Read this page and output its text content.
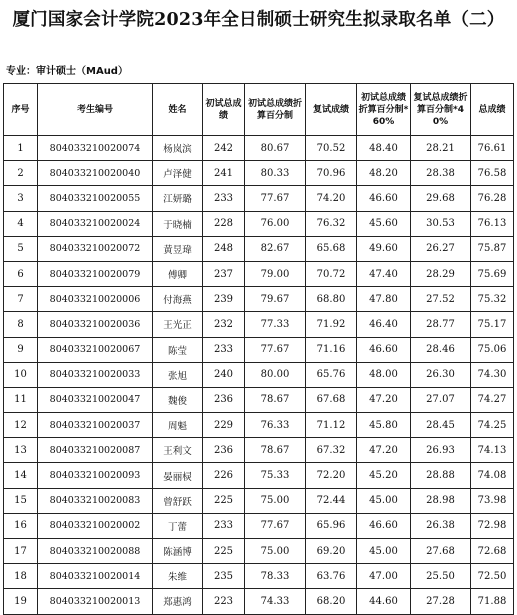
厦门国家会计学院2023年全日制硕士研究生拟录取名单（二）
专业：审计硕士（MAud）
序号	考生编号	姓名	初试总成绩	初试总成绩折算百分制	复试成绩	初试总成绩折算百分制*60%	复试总成绩折算百分制*40%	总成绩
1	804033210020074	杨岚滨	242	80.67	70.52	48.40	28.21	76.61
2	804033210020040	卢泽健	241	80.33	70.96	48.20	28.38	76.58
3	804033210020055	江妍璐	233	77.67	74.20	46.60	29.68	76.28
4	804033210020024	于晓楠	228	76.00	76.32	45.60	30.53	76.13
5	804033210020072	黄昱瑋	248	82.67	65.68	49.60	26.27	75.87
6	804033210020079	傅卿	237	79.00	70.72	47.40	28.29	75.69
7	804033210020006	付海燕	239	79.67	68.80	47.80	27.52	75.32
8	804033210020036	王光正	232	77.33	71.92	46.40	28.77	75.17
9	804033210020067	陈莹	233	77.67	71.16	46.60	28.46	75.06
10	804033210020033	张旭	240	80.00	65.76	48.00	26.30	74.30
11	804033210020047	魏俊	236	78.67	67.68	47.20	27.07	74.27
12	804033210020037	周魁	229	76.33	71.12	45.80	28.45	74.25
13	804033210020087	王利文	236	78.67	67.32	47.20	26.93	74.13
14	804033210020093	晏丽棂	226	75.33	72.20	45.20	28.88	74.08
15	804033210020083	曾舒跃	225	75.00	72.44	45.00	28.98	73.98
16	804033210020002	丁蕾	233	77.67	65.96	46.60	26.38	72.98
17	804033210020088	陈涵博	225	75.00	69.20	45.00	27.68	72.68
18	804033210020014	朱维	235	78.33	63.76	47.00	25.50	72.50
19	804033210020013	郑惠鸿	223	74.33	68.20	44.60	27.28	71.88
